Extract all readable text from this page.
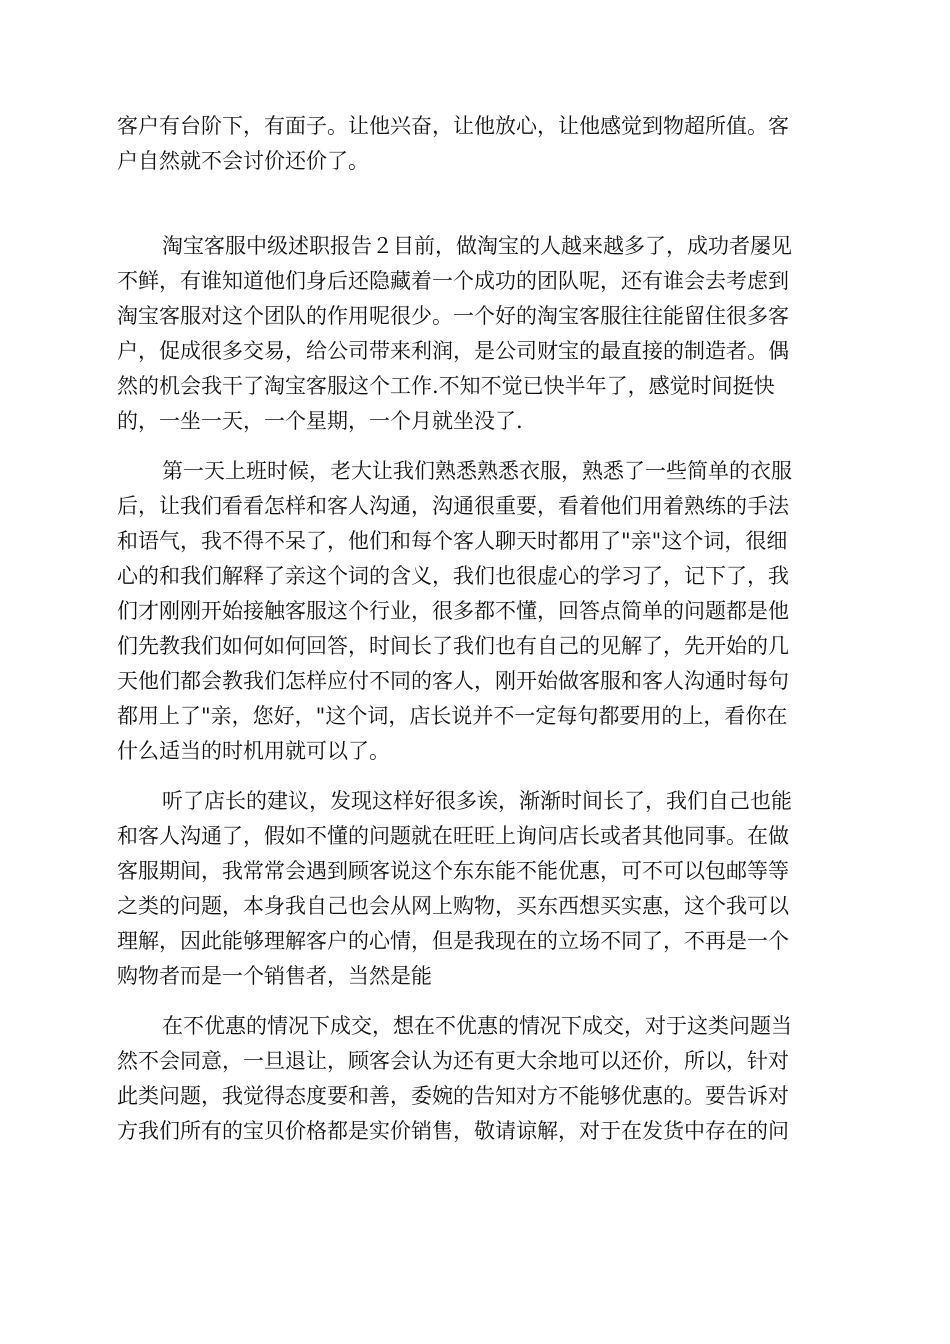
客户有台阶下，有面子。让他兴奋，让他放心，让他感觉到物超所值。客
户自然就不会讨价还价了。
淘宝客服中级述职报告２目前，做淘宝的人越来越多了，成功者屡见
不鲜，有谁知道他们身后还隐藏着一个成功的团队呢，还有谁会去考虑到
淘宝客服对这个团队的作用呢很少。一个好的淘宝客服往往能留住很多客
户，促成很多交易，给公司带来利润，是公司财宝的最直接的制造者。偶
然的机会我干了淘宝客服这个工作.不知不觉已快半年了，感觉时间挺快
的，一坐一天，一个星期，一个月就坐没了.
第一天上班时候，老大让我们熟悉熟悉衣服，熟悉了一些简单的衣服
后，让我们看看怎样和客人沟通，沟通很重要，看着他们用着熟练的手法
和语气，我不得不呆了，他们和每个客人聊天时都用了"亲"这个词，很细
心的和我们解释了亲这个词的含义，我们也很虚心的学习了，记下了，我
们才刚刚开始接触客服这个行业，很多都不懂，回答点简单的问题都是他
们先教我们如何如何回答，时间长了我们也有自己的见解了，先开始的几
天他们都会教我们怎样应付不同的客人，刚开始做客服和客人沟通时每句
都用上了"亲，您好，"这个词，店长说并不一定每句都要用的上，看你在
什么适当的时机用就可以了。
听了店长的建议，发现这样好很多诶，渐渐时间长了，我们自己也能
和客人沟通了，假如不懂的问题就在旺旺上询问店长或者其他同事。在做
客服期间，我常常会遇到顾客说这个东东能不能优惠，可不可以包邮等等
之类的问题，本身我自己也会从网上购物，买东西想买实惠，这个我可以
理解，因此能够理解客户的心情，但是我现在的立场不同了，不再是一个
购物者而是一个销售者，当然是能
在不优惠的情况下成交，想在不优惠的情况下成交，对于这类问题当
然不会同意，一旦退让，顾客会认为还有更大余地可以还价，所以，针对
此类问题，我觉得态度要和善，委婉的告知对方不能够优惠的。要告诉对
方我们所有的宝贝价格都是实价销售，敬请谅解，对于在发货中存在的问
